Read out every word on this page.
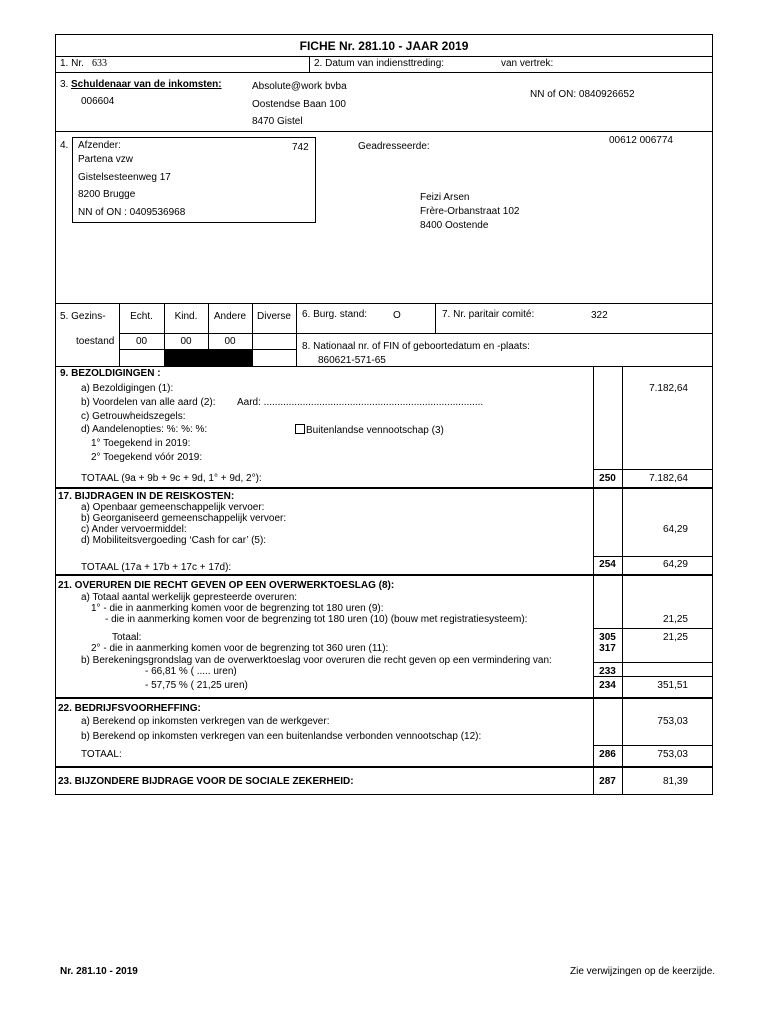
FICHE Nr. 281.10 - JAAR 2019
1. Nr. 633	2. Datum van indiensttreding:	van vertrek:
3. Schuldenaar van de inkomsten:
006604
Absolute@work bvba
Oostendse Baan 100
8470 Gistel
NN of ON: 0840926652
4. Afzender:	742
Partena vzw
Gistelsesteenweg 17
8200 Brugge
NN of ON : 0409536968
Geadresseerde:
00612 006774
Feizi Arsen
Frère-Orbanstraat 102
8400 Oostende
5. Gezins-
toestand
Echt.	Kind.	Andere	Diverse
00	00	00
6. Burg. stand:	O	7. Nr. paritair comité:	322
8. Nationaal nr. of FIN of geboortedatum en -plaats:
860621-571-65
9. BEZOLDIGINGEN :
a) Bezoldigingen (1):	7.182,64
b) Voordelen van alle aard (2): Aard: ...............................................................................
c) Getrouwheidszegels:
d) Aandelenopties: %: %: %:	Buitenlandse vennootschap (3)
1° Toegekend in 2019:
2° Toegekend vóór 2019:
TOTAAL (9a + 9b + 9c + 9d, 1° + 9d, 2°):	250	7.182,64
17. BIJDRAGEN IN DE REISKOSTEN:
a) Openbaar gemeenschappelijk vervoer:
b) Georganiseerd gemeenschappelijk vervoer:
c) Ander vervoermiddel:	64,29
d) Mobiliteitsvergoeding ‘Cash for car’ (5):
TOTAAL (17a + 17b + 17c + 17d):	254	64,29
21. OVERUREN DIE RECHT GEVEN OP EEN OVERWERKTOESLAG (8):
a) Totaal aantal werkelijk gepresteerde overuren:
1° - die in aanmerking komen voor de begrenzing tot 180 uren (9):
- die in aanmerking komen voor de begrenzing tot 180 uren (10) (bouw met registratiesysteem):	21,25
Totaal:	305	21,25
2° - die in aanmerking komen voor de begrenzing tot 360 uren (11):	317
b) Berekeningsgrondslag van de overwerktoeslag voor overuren die recht geven op een vermindering van:
- 66,81 % ( ..... uren)	233
- 57,75 % ( 21,25 uren)	234	351,51
22. BEDRIJFSVOORHEFFING:
a) Berekend op inkomsten verkregen van de werkgever:	753,03
b) Berekend op inkomsten verkregen van een buitenlandse verbonden vennootschap (12):
TOTAAL:	286	753,03
23. BIJZONDERE BIJDRAGE VOOR DE SOCIALE ZEKERHEID:	287	81,39
Nr. 281.10 - 2019	Zie verwijzingen op de keerzijde.
